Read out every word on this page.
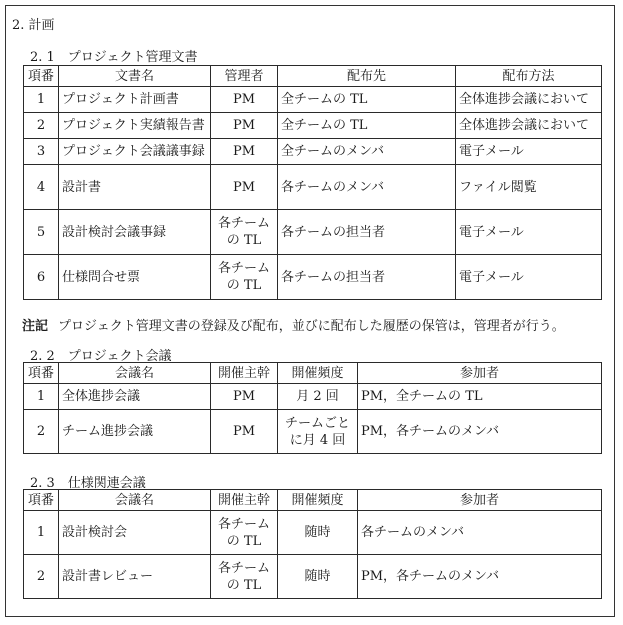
2. 計画
2. 1　プロジェクト管理文書
項番	文書名	管理者	配布先	配布方法
1	プロジェクト計画書	PM	全チームの TL	全体進捗会議において
2	プロジェクト実績報告書	PM	全チームの TL	全体進捗会議において
3	プロジェクト会議議事録	PM	全チームのメンバ	電子メール
4	設計書	PM	各チームのメンバ	ファイル閲覧
5	設計検討会議事録	各チームの TL	各チームの担当者	電子メール
6	仕様問合せ票	各チームの TL	各チームの担当者	電子メール
注記 プロジェクト管理文書の登録及び配布，並びに配布した履歴の保管は，管理者が行う。
2. 2　プロジェクト会議
項番	会議名	開催主幹	開催頻度	参加者
1	全体進捗会議	PM	月 2 回	PM，全チームの TL
2	チーム進捗会議	PM	チームごとに月 4 回	PM，各チームのメンバ
2. 3　仕様関連会議
項番	会議名	開催主幹	開催頻度	参加者
1	設計検討会	各チームの TL	随時	各チームのメンバ
2	設計書レビュー	各チームの TL	随時	PM，各チームのメンバ
